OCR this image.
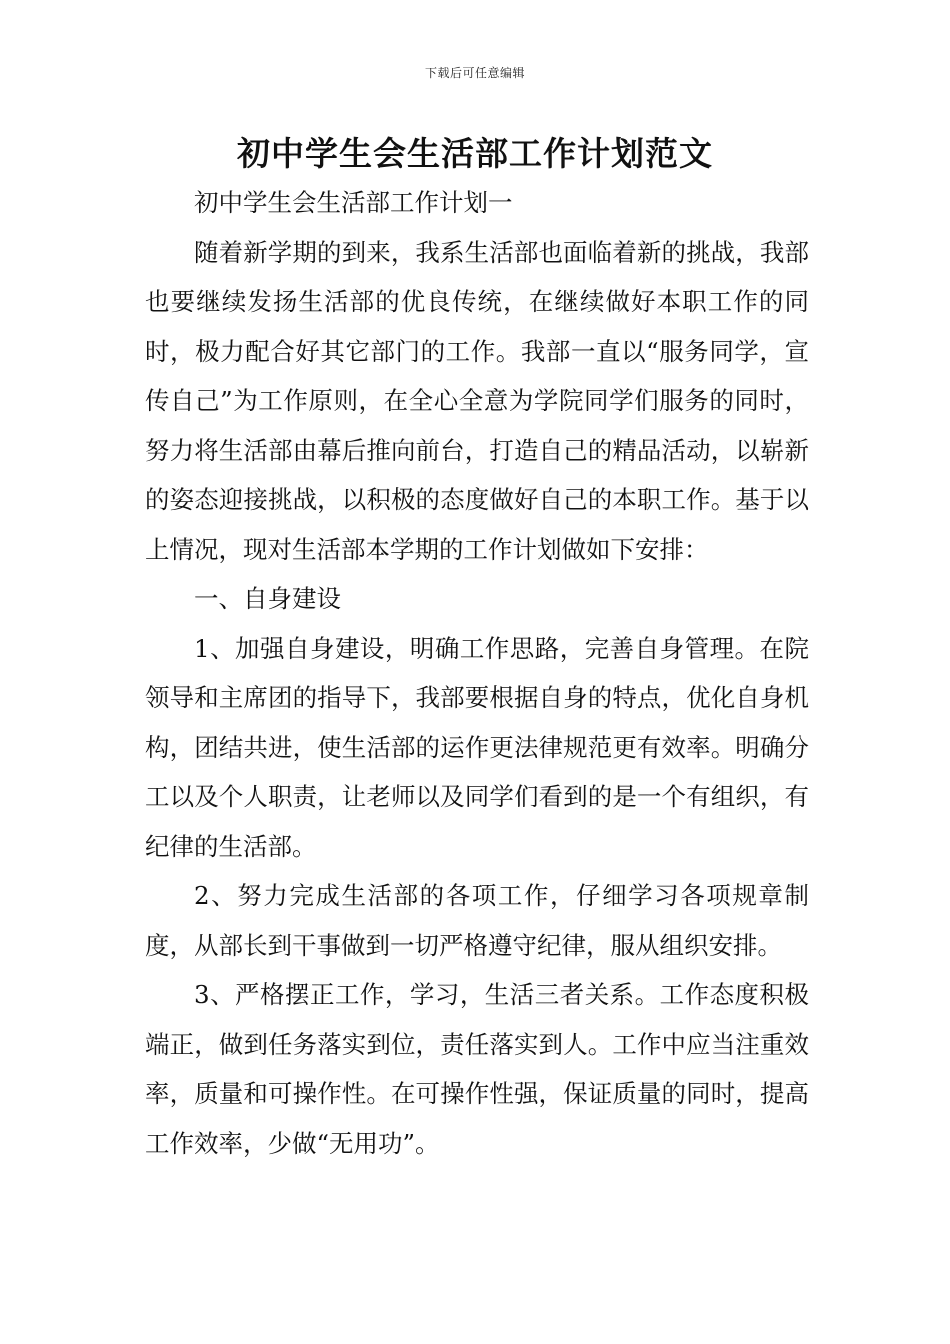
下载后可任意编辑
初中学生会生活部工作计划范文

初中学生会生活部工作计划一

随着新学期的到来，我系生活部也面临着新的挑战，我部也要继续发扬生活部的优良传统，在继续做好本职工作的同时，极力配合好其它部门的工作。我部一直以“服务同学，宣传自己”为工作原则，在全心全意为学院同学们服务的同时，努力将生活部由幕后推向前台，打造自己的精品活动，以崭新的姿态迎接挑战，以积极的态度做好自己的本职工作。基于以上情况，现对生活部本学期的工作计划做如下安排：

一、自身建设

1、加强自身建设，明确工作思路，完善自身管理。在院领导和主席团的指导下，我部要根据自身的特点，优化自身机构，团结共进，使生活部的运作更法律规范更有效率。明确分工以及个人职责，让老师以及同学们看到的是一个有组织，有纪律的生活部。

2、努力完成生活部的各项工作，仔细学习各项规章制度，从部长到干事做到一切严格遵守纪律，服从组织安排。

3、严格摆正工作，学习，生活三者关系。工作态度积极端正，做到任务落实到位，责任落实到人。工作中应当注重效率，质量和可操作性。在可操作性强，保证质量的同时，提高工作效率，少做“无用功”。
